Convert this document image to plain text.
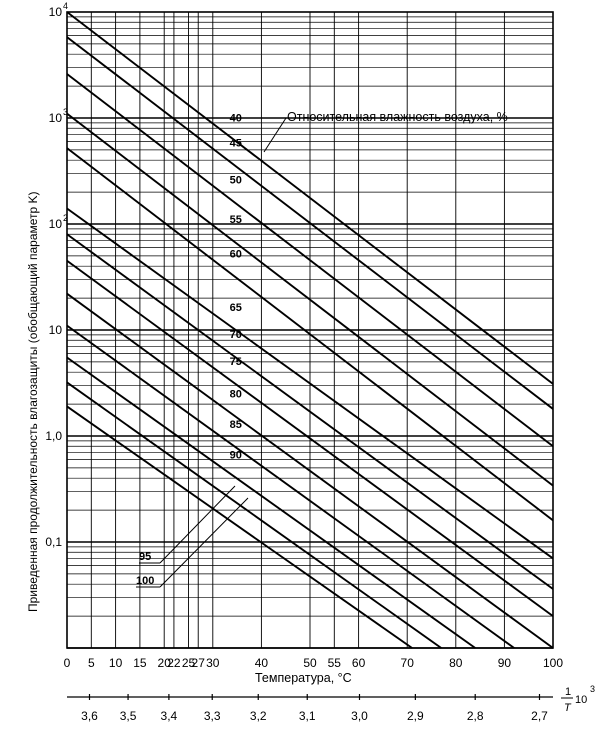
0 5 10 15 20
22 25
27 30	40	50 55 60	70	80	90	100
3,6 3,5 3,4 3,3 3,2	3,1	3,0	2,9	2,8	2,7
10 4
10 3
10 2
10
1,0
0,1
40
45
50
55
60
65
70
75
80
85
90
95
100
Относительная влажность воздуха, %
Температура, °C
1
T
10
3
Приведенная продолжительность влагозащиты (обобщающий параметр K)
